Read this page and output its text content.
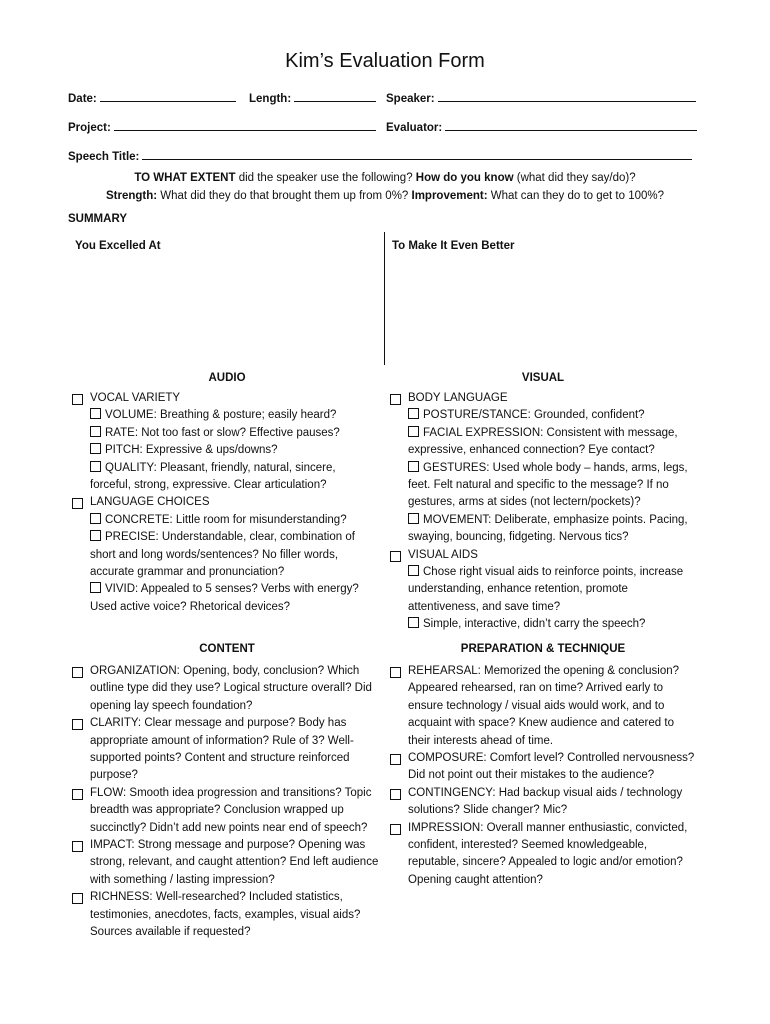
Kim’s Evaluation Form
Date:	Length:	Speaker:
Project:	Evaluator:
Speech Title:
TO WHAT EXTENT did the speaker use the following? How do you know (what did they say/do)?
Strength: What did they do that brought them up from 0%? Improvement: What can they do to get to 100%?
SUMMARY
You Excelled At	To Make It Even Better
AUDIO	VISUAL
CONTENT	PREPARATION & TECHNIQUE
VOCAL VARIETY
VOLUME: Breathing & posture; easily heard?
RATE: Not too fast or slow? Effective pauses?
PITCH: Expressive & ups/downs?
QUALITY: Pleasant, friendly, natural, sincere, forceful, strong, expressive. Clear articulation?
LANGUAGE CHOICES
CONCRETE: Little room for misunderstanding?
PRECISE: Understandable, clear, combination of short and long words/sentences? No filler words, accurate grammar and pronunciation?
VIVID: Appealed to 5 senses? Verbs with energy? Used active voice? Rhetorical devices?
BODY LANGUAGE
POSTURE/STANCE: Grounded, confident?
FACIAL EXPRESSION: Consistent with message, expressive, enhanced connection? Eye contact?
GESTURES: Used whole body – hands, arms, legs, feet. Felt natural and specific to the message? If no gestures, arms at sides (not lectern/pockets)?
MOVEMENT: Deliberate, emphasize points. Pacing, swaying, bouncing, fidgeting. Nervous tics?
VISUAL AIDS
Chose right visual aids to reinforce points, increase understanding, enhance retention, promote attentiveness, and save time?
Simple, interactive, didn’t carry the speech?
ORGANIZATION: Opening, body, conclusion? Which outline type did they use? Logical structure overall? Did opening lay speech foundation?
CLARITY: Clear message and purpose? Body has appropriate amount of information? Rule of 3? Well-supported points? Content and structure reinforced purpose?
FLOW: Smooth idea progression and transitions? Topic breadth was appropriate? Conclusion wrapped up succinctly? Didn’t add new points near end of speech?
IMPACT: Strong message and purpose? Opening was strong, relevant, and caught attention? End left audience with something / lasting impression?
RICHNESS: Well-researched? Included statistics, testimonies, anecdotes, facts, examples, visual aids? Sources available if requested?
REHEARSAL: Memorized the opening & conclusion? Appeared rehearsed, ran on time? Arrived early to ensure technology / visual aids would work, and to acquaint with space? Knew audience and catered to their interests ahead of time.
COMPOSURE: Comfort level? Controlled nervousness? Did not point out their mistakes to the audience?
CONTINGENCY: Had backup visual aids / technology solutions? Slide changer? Mic?
IMPRESSION: Overall manner enthusiastic, convicted, confident, interested? Seemed knowledgeable, reputable, sincere? Appealed to logic and/or emotion? Opening caught attention?
